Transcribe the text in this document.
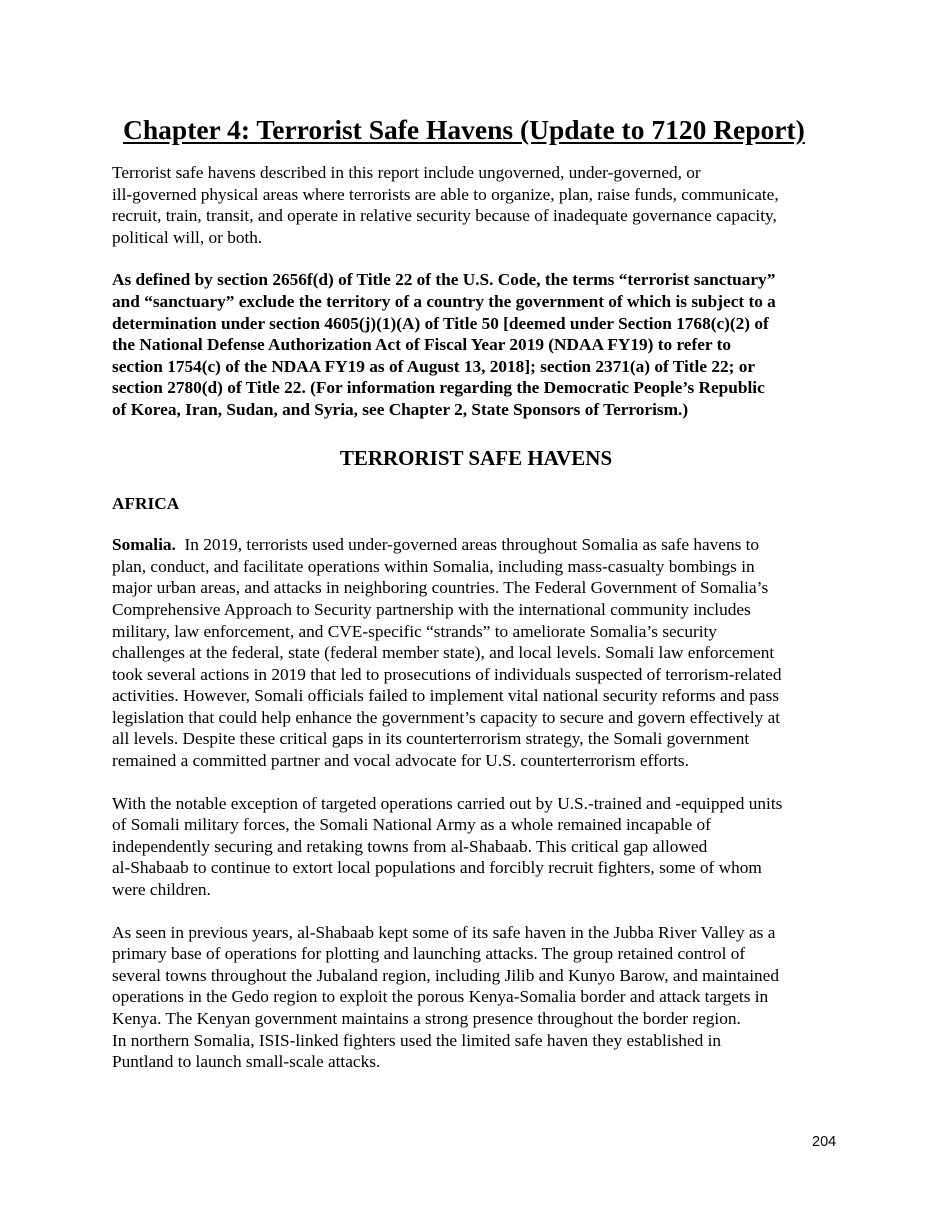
Chapter 4: Terrorist Safe Havens (Update to 7120 Report)

Terrorist safe havens described in this report include ungoverned, under-governed, or
ill-governed physical areas where terrorists are able to organize, plan, raise funds, communicate,
recruit, train, transit, and operate in relative security because of inadequate governance capacity,
political will, or both.

As defined by section 2656f(d) of Title 22 of the U.S. Code, the terms “terrorist sanctuary”
and “sanctuary” exclude the territory of a country the government of which is subject to a
determination under section 4605(j)(1)(A) of Title 50 [deemed under Section 1768(c)(2) of
the National Defense Authorization Act of Fiscal Year 2019 (NDAA FY19) to refer to
section 1754(c) of the NDAA FY19 as of August 13, 2018]; section 2371(a) of Title 22; or
section 2780(d) of Title 22. (For information regarding the Democratic People’s Republic
of Korea, Iran, Sudan, and Syria, see Chapter 2, State Sponsors of Terrorism.)

TERRORIST SAFE HAVENS
AFRICA

Somalia.  In 2019, terrorists used under-governed areas throughout Somalia as safe havens to
plan, conduct, and facilitate operations within Somalia, including mass-casualty bombings in
major urban areas, and attacks in neighboring countries. The Federal Government of Somalia’s
Comprehensive Approach to Security partnership with the international community includes
military, law enforcement, and CVE-specific “strands” to ameliorate Somalia’s security
challenges at the federal, state (federal member state), and local levels. Somali law enforcement
took several actions in 2019 that led to prosecutions of individuals suspected of terrorism-related
activities. However, Somali officials failed to implement vital national security reforms and pass
legislation that could help enhance the government’s capacity to secure and govern effectively at
all levels. Despite these critical gaps in its counterterrorism strategy, the Somali government
remained a committed partner and vocal advocate for U.S. counterterrorism efforts.

With the notable exception of targeted operations carried out by U.S.-trained and -equipped units
of Somali military forces, the Somali National Army as a whole remained incapable of
independently securing and retaking towns from al-Shabaab. This critical gap allowed
al-Shabaab to continue to extort local populations and forcibly recruit fighters, some of whom
were children.

As seen in previous years, al-Shabaab kept some of its safe haven in the Jubba River Valley as a
primary base of operations for plotting and launching attacks. The group retained control of
several towns throughout the Jubaland region, including Jilib and Kunyo Barow, and maintained
operations in the Gedo region to exploit the porous Kenya-Somalia border and attack targets in
Kenya. The Kenyan government maintains a strong presence throughout the border region.
In northern Somalia, ISIS-linked fighters used the limited safe haven they established in
Puntland to launch small-scale attacks.

204
